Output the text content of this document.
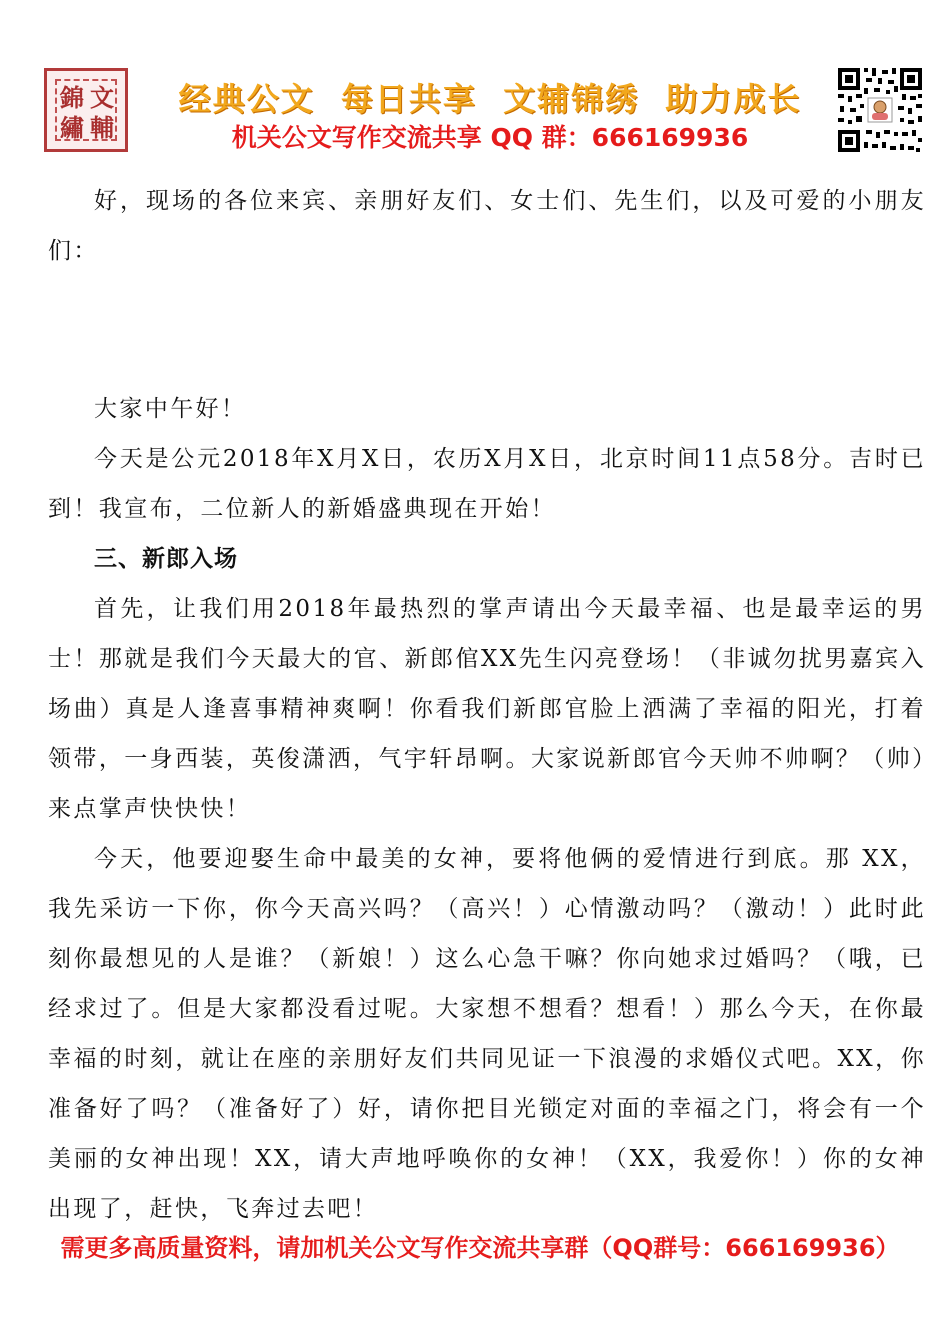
錦 文
繡 輔
经典公文  每日共享  文辅锦绣  助力成长
机关公文写作交流共享 QQ 群：666169936

好，现场的各位来宾、亲朋好友们、女士们、先生们，以及可爱的小朋友们：

大家中午好！

今天是公元2018年X月X日，农历X月X日，北京时间11点58分。吉时已到！我宣布，二位新人的新婚盛典现在开始！

三、新郎入场

首先，让我们用2018年最热烈的掌声请出今天最幸福、也是最幸运的男士！那就是我们今天最大的官、新郎倌XX先生闪亮登场！（非诚勿扰男嘉宾入场曲）真是人逢喜事精神爽啊！你看我们新郎官脸上洒满了幸福的阳光，打着领带，一身西装，英俊潇洒，气宇轩昂啊。大家说新郎官今天帅不帅啊？（帅）来点掌声快快快！

今天，他要迎娶生命中最美的女神，要将他俩的爱情进行到底。那 XX，我先采访一下你，你今天高兴吗？（高兴！）心情激动吗？（激动！）此时此刻你最想见的人是谁？（新娘！）这么心急干嘛？你向她求过婚吗？（哦，已经求过了。但是大家都没看过呢。大家想不想看？想看！）那么今天，在你最幸福的时刻，就让在座的亲朋好友们共同见证一下浪漫的求婚仪式吧。XX，你准备好了吗？（准备好了）好，请你把目光锁定对面的幸福之门，将会有一个美丽的女神出现！XX，请大声地呼唤你的女神！（XX，我爱你！）你的女神出现了，赶快，飞奔过去吧！

需更多高质量资料，请加机关公文写作交流共享群（QQ群号：666169936）
